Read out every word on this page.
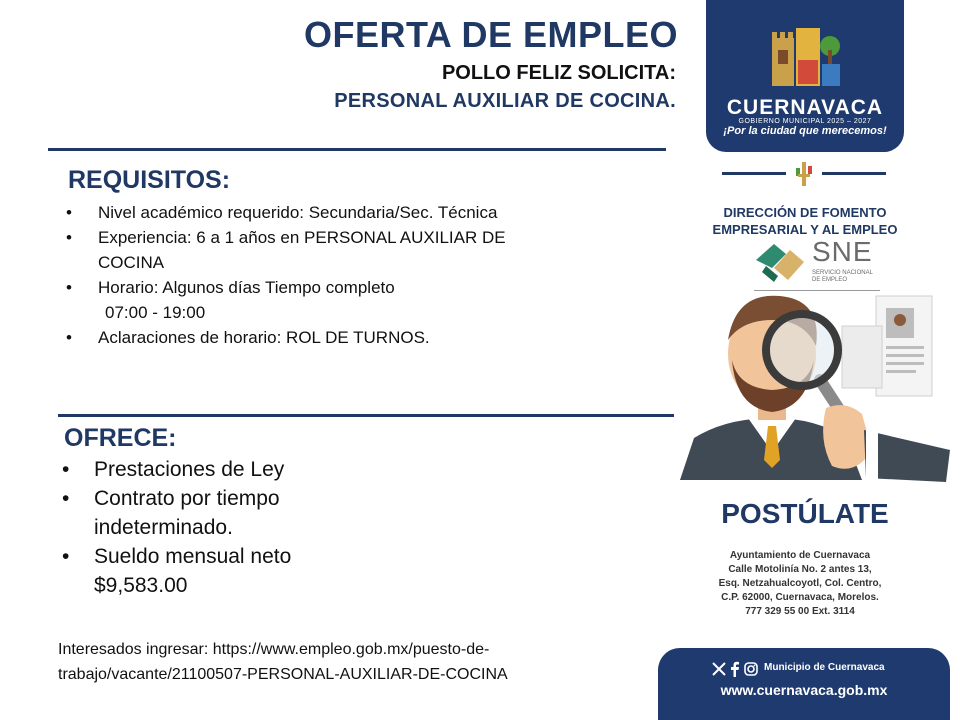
OFERTA DE EMPLEO
POLLO FELIZ SOLICITA:
PERSONAL AUXILIAR DE COCINA.
REQUISITOS:
• Nivel académico requerido: Secundaria/Sec. Técnica
• Experiencia: 6 a 1 años en PERSONAL AUXILIAR DE
COCINA
• Horario: Algunos días Tiempo completo
07:00 - 19:00
• Aclaraciones de horario: ROL DE TURNOS.
OFRECE:
• Prestaciones de Ley
• Contrato por tiempo
indeterminado.
• Sueldo mensual neto
$9,583.00
Interesados ingresar: https://www.empleo.gob.mx/puesto-de-
trabajo/vacante/21100507-PERSONAL-AUXILIAR-DE-COCINA
CUERNAVACA
GOBIERNO MUNICIPAL 2025 – 2027
¡Por la ciudad que merecemos!
DIRECCIÓN DE FOMENTO
EMPRESARIAL Y AL EMPLEO
SNE
SERVICIO NACIONAL
DE EMPLEO
POSTÚLATE
Ayuntamiento de Cuernavaca
Calle Motolinía No. 2 antes 13,
Esq. Netzahualcoyotl, Col. Centro,
C.P. 62000, Cuernavaca, Morelos.
777 329 55 00 Ext. 3114
Municipio de Cuernavaca
www.cuernavaca.gob.mx
